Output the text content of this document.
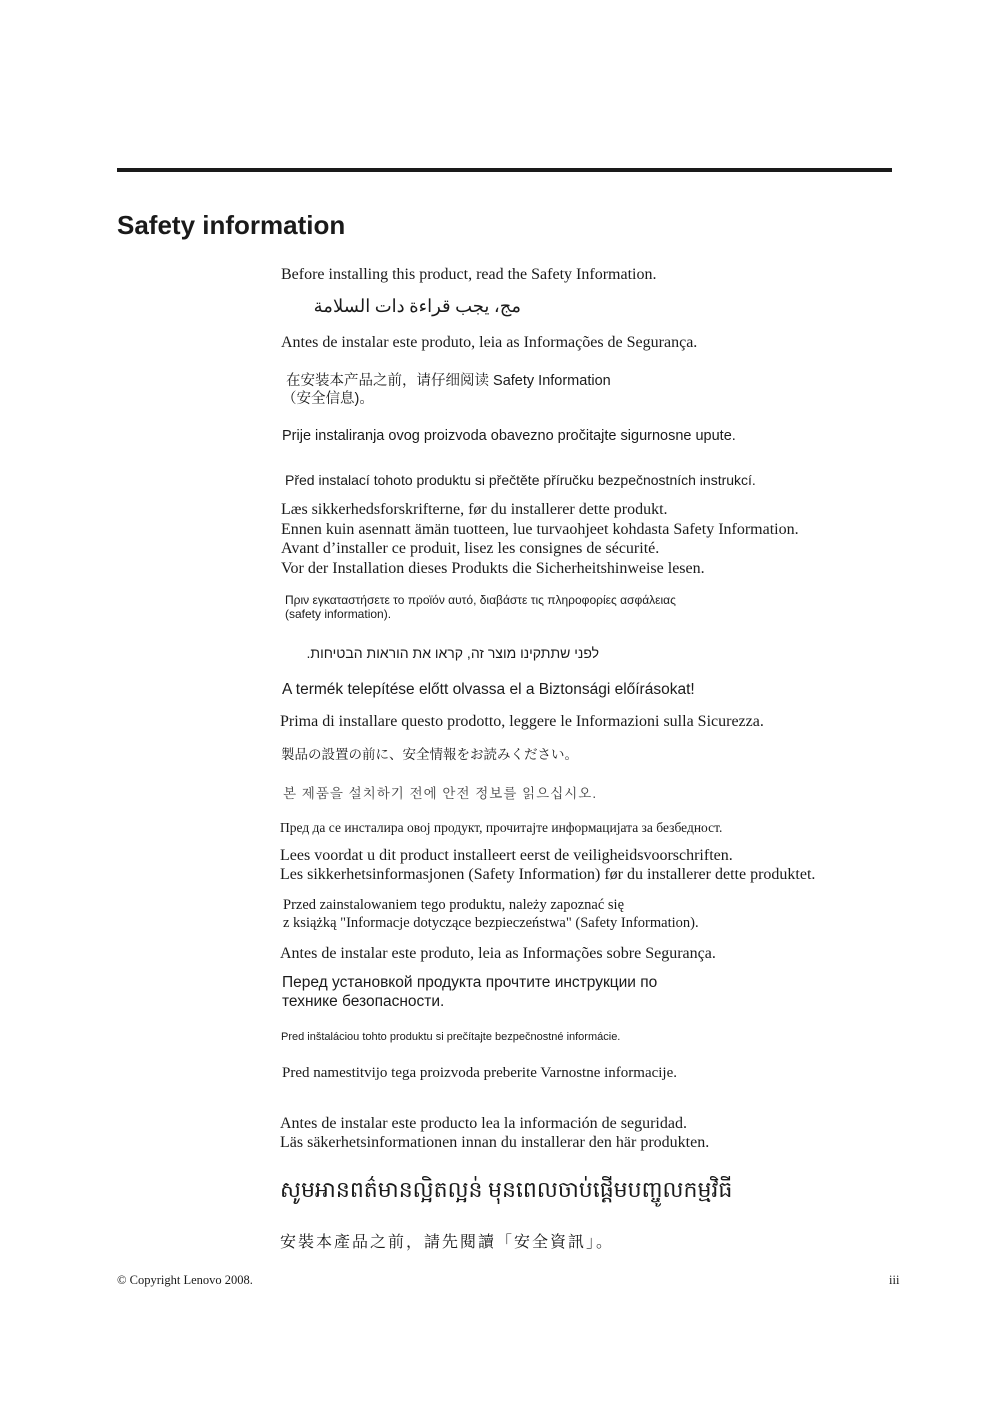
Safety information

Before installing this product, read the Safety Information.

مج، يجب قراءة دات السلامة

Antes de instalar este produto, leia as Informações de Segurança.

在安装本产品之前，请仔细阅读 Safety Information

（安全信息)。

Prije instaliranja ovog proizvoda obavezno pročitajte sigurnosne upute.

Před instalací tohoto produktu si přečtěte příručku bezpečnostních instrukcí.

Læs sikkerhedsforskrifterne, før du installerer dette produkt.

Ennen kuin asennatt ämän tuotteen, lue turvaohjeet kohdasta Safety Information.

Avant d’installer ce produit, lisez les consignes de sécurité.

Vor der Installation dieses Produkts die Sicherheitshinweise lesen.

Πριν εγκαταστήσετε το προϊόν αυτό, διαβάστε τις πληροφορίες ασφάλειας

(safety information).

לפני שתתקינו מוצר זה, קראו את הוראות הבטיחות.

A termék telepítése előtt olvassa el a Biztonsági előírásokat!

Prima di installare questo prodotto, leggere le Informazioni sulla Sicurezza.

製品の設置の前に、安全情報をお読みください。

본 제품을 설치하기 전에 안전 정보를 읽으십시오.

Пред да се инсталира овој продукт, прочитајте информацијата за безбедност.

Lees voordat u dit product installeert eerst de veiligheidsvoorschriften.

Les sikkerhetsinformasjonen (Safety Information) før du installerer dette produktet.

Przed zainstalowaniem tego produktu, należy zapoznać się

z książką "Informacje dotyczące bezpieczeństwa" (Safety Information).

Antes de instalar este produto, leia as Informações sobre Segurança.

Перед установкой продукта прочтите инструкции по

технике безопасности.

Pred inštaláciou tohto produktu si prečítajte bezpečnostné informácie.

Pred namestitvijo tega proizvoda preberite Varnostne informacije.

Antes de instalar este producto lea la información de seguridad.

Läs säkerhetsinformationen innan du installerar den här produkten.

សូមអានពត៌មានល្អិតល្អន់ មុនពេលចាប់ផ្តើមបញ្ចូលកម្មវិធី

安裝本產品之前，請先閱讀「安全資訊」。

© Copyright Lenovo 2008.	iii
